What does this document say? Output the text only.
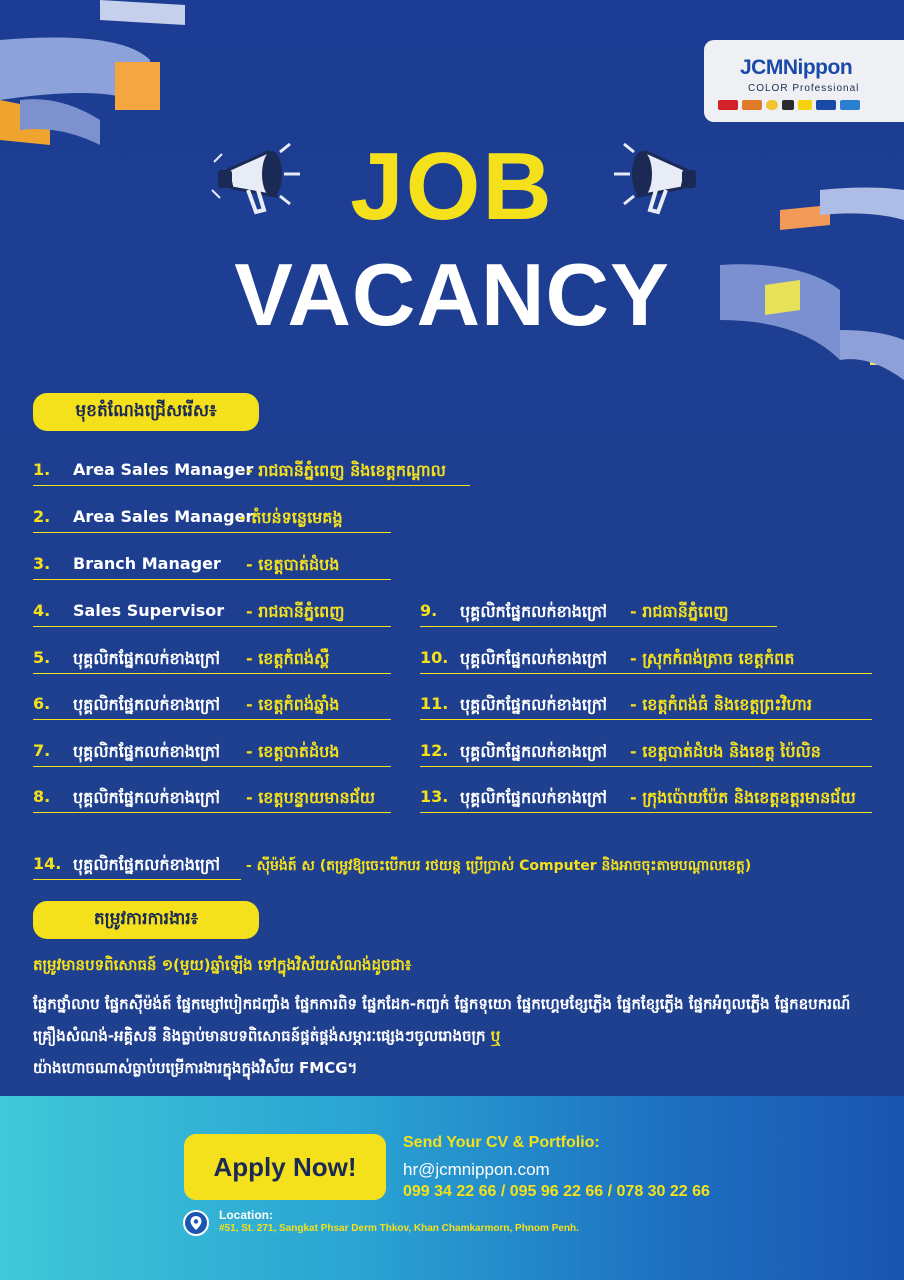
JCMNippon
COLOR Professional
JOB
VACANCY
មុខតំណែងជ្រើសរើស៖
1. Area Sales Manager
- រាជធានីភ្នំពេញ និងខេត្តកណ្តាល
2. Area Sales Manager
- តំបន់ទន្លេមេគង្គ
3. Branch Manager - ខេត្តបាត់ដំបង
4. Sales Supervisor - រាជធានីភ្នំពេញ
5. បុគ្គលិកផ្នែកលក់ខាងក្រៅ - ខេត្តកំពង់ស្ពឺ
6. បុគ្គលិកផ្នែកលក់ខាងក្រៅ - ខេត្តកំពង់ឆ្នាំង
7. បុគ្គលិកផ្នែកលក់ខាងក្រៅ - ខេត្តបាត់ដំបង
8. បុគ្គលិកផ្នែកលក់ខាងក្រៅ - ខេត្តបន្ទាយមានជ័យ
9. បុគ្គលិកផ្នែកលក់ខាងក្រៅ - រាជធានីភ្នំពេញ
10. បុគ្គលិកផ្នែកលក់ខាងក្រៅ - ស្រុកកំពង់ត្រាច ខេត្តកំពត
11. បុគ្គលិកផ្នែកលក់ខាងក្រៅ - ខេត្តកំពង់ធំ និងខេត្តព្រះវិហារ
12. បុគ្គលិកផ្នែកលក់ខាងក្រៅ - ខេត្តបាត់ដំបង និងខេត្ត ប៉ៃលិន
13. បុគ្គលិកផ្នែកលក់ខាងក្រៅ - ក្រុងប៉ោយប៉ែត និងខេត្តឧត្តរមានជ័យ
14. បុគ្គលិកផ្នែកលក់ខាងក្រៅ - ស៊ីម៉ង់ត៍ ស (តម្រូវឱ្យចេះបើកបរ រថយន្ត ប្រើប្រាស់ Computer និងអាចចុះតាមបណ្តាលខេត្ត)
តម្រូវការការងារ៖
តម្រូវមានបទពិសោធន៍ ១(មួយ)ឆ្នាំឡើង ទៅក្នុងវិស័យសំណង់ដូចជា៖
ផ្នែកថ្នាំលាប ផ្នែកស៊ីម៉ង់ត៍ ផ្នែកម្សៅបៀកជញ្ជាំង ផ្នែកការពិទ ផ្នែកដែក-កញ្ចក់ ផ្នែកទុយោ ផ្នែកហ្គេមខ្សែភ្លើង ផ្នែកខ្សែភ្លើង ផ្នែកអំពូលភ្លើង ផ្នែកឧបករណ៍គ្រឿងសំណង់-អគ្គិសនី និងធ្លាប់មានបទពិសោធន៍ផ្គត់ផ្គង់សម្ភារៈផ្សេងៗចូលរោងចក្រ ឬ
យ៉ាងហោចណាស់ធ្លាប់បម្រើការងារក្នុងក្នុងវិស័យ FMCG។
Apply Now!
Send Your CV & Portfolio:
hr@jcmnippon.com
099 34 22 66 / 095 96 22 66 / 078 30 22 66
Location:
#51, St. 271, Sangkat Phsar Derm Thkov, Khan Chamkarmorn, Phnom Penh.
